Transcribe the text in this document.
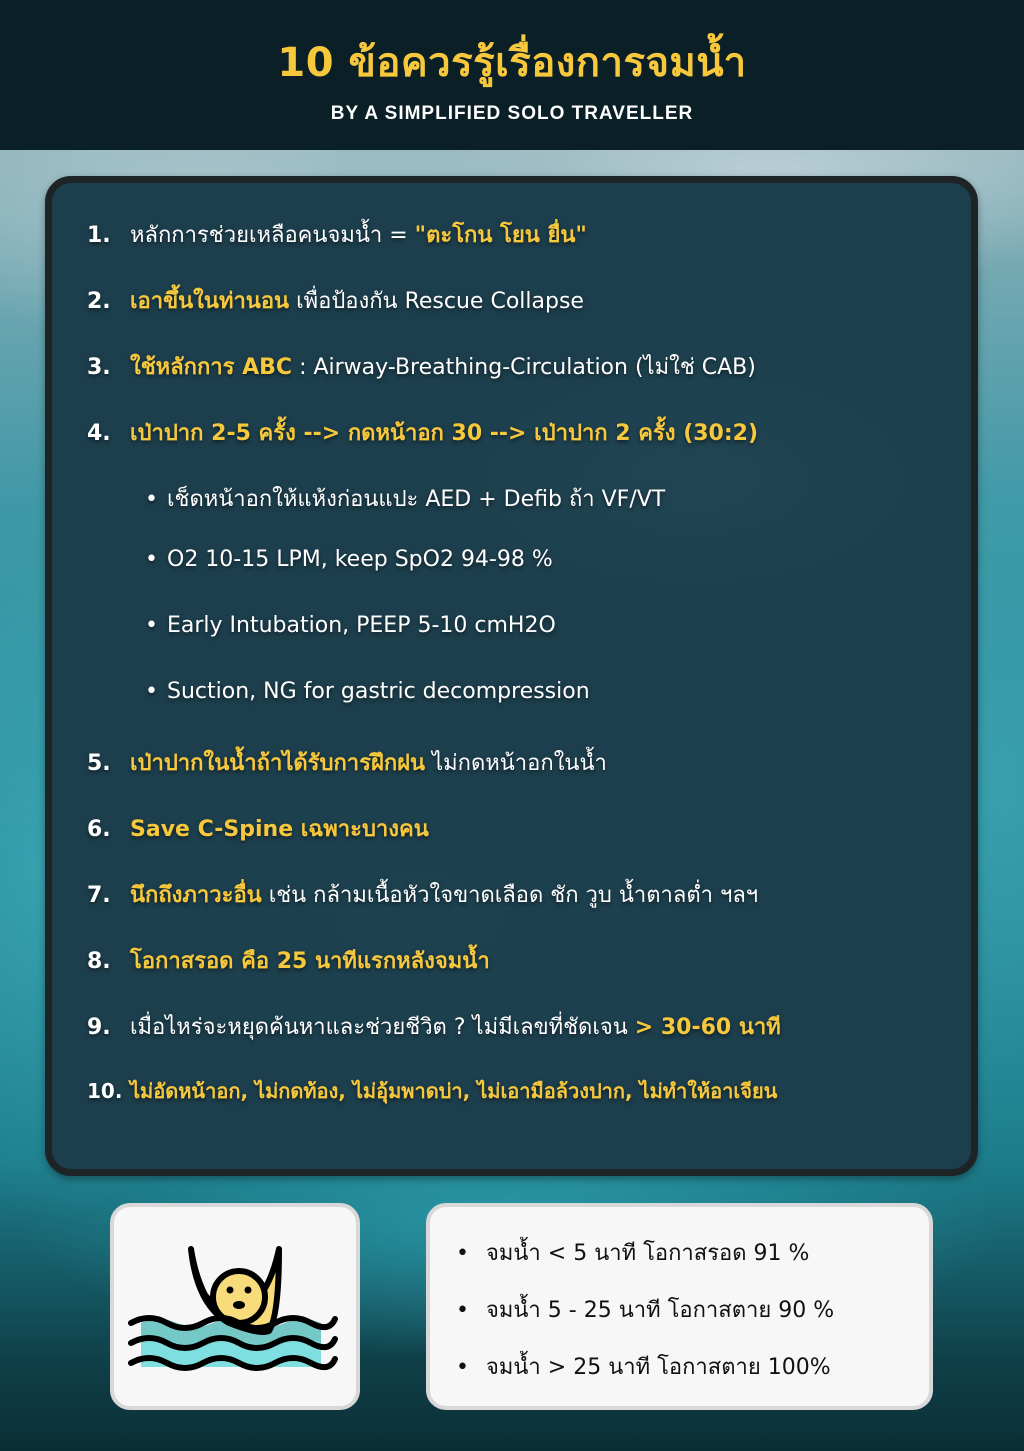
10 ข้อควรรู้เรื่องการจมน้ำ
BY A SIMPLIFIED SOLO TRAVELLER
1. หลักการช่วยเหลือคนจมน้ำ = "ตะโกน โยน ยื่น"
2. เอาขึ้นในท่านอน เพื่อป้องกัน Rescue Collapse
3. ใช้หลักการ ABC : Airway-Breathing-Circulation (ไม่ใช่ CAB)
4. เป่าปาก 2-5 ครั้ง --> กดหน้าอก 30 --> เป่าปาก 2 ครั้ง (30:2)
• เช็ดหน้าอกให้แห้งก่อนแปะ AED + Defib ถ้า VF/VT
• O2 10-15 LPM, keep SpO2 94-98 %
• Early Intubation, PEEP 5-10 cmH2O
• Suction, NG for gastric decompression
5. เป่าปากในน้ำถ้าได้รับการฝึกฝน ไม่กดหน้าอกในน้ำ
6. Save C-Spine เฉพาะบางคน
7. นึกถึงภาวะอื่น เช่น กล้ามเนื้อหัวใจขาดเลือด ชัก วูบ น้ำตาลต่ำ ฯลฯ
8. โอกาสรอด คือ 25 นาทีแรกหลังจมน้ำ
9. เมื่อไหร่จะหยุดค้นหาและช่วยชีวิต ? ไม่มีเลขที่ชัดเจน > 30-60 นาที
10. ไม่อัดหน้าอก, ไม่กดท้อง, ไม่อุ้มพาดบ่า, ไม่เอามือล้วงปาก, ไม่ทำให้อาเจียน
• จมน้ำ < 5 นาที โอกาสรอด 91 %
• จมน้ำ 5 - 25 นาที โอกาสตาย 90 %
• จมน้ำ > 25 นาที โอกาสตาย 100%
